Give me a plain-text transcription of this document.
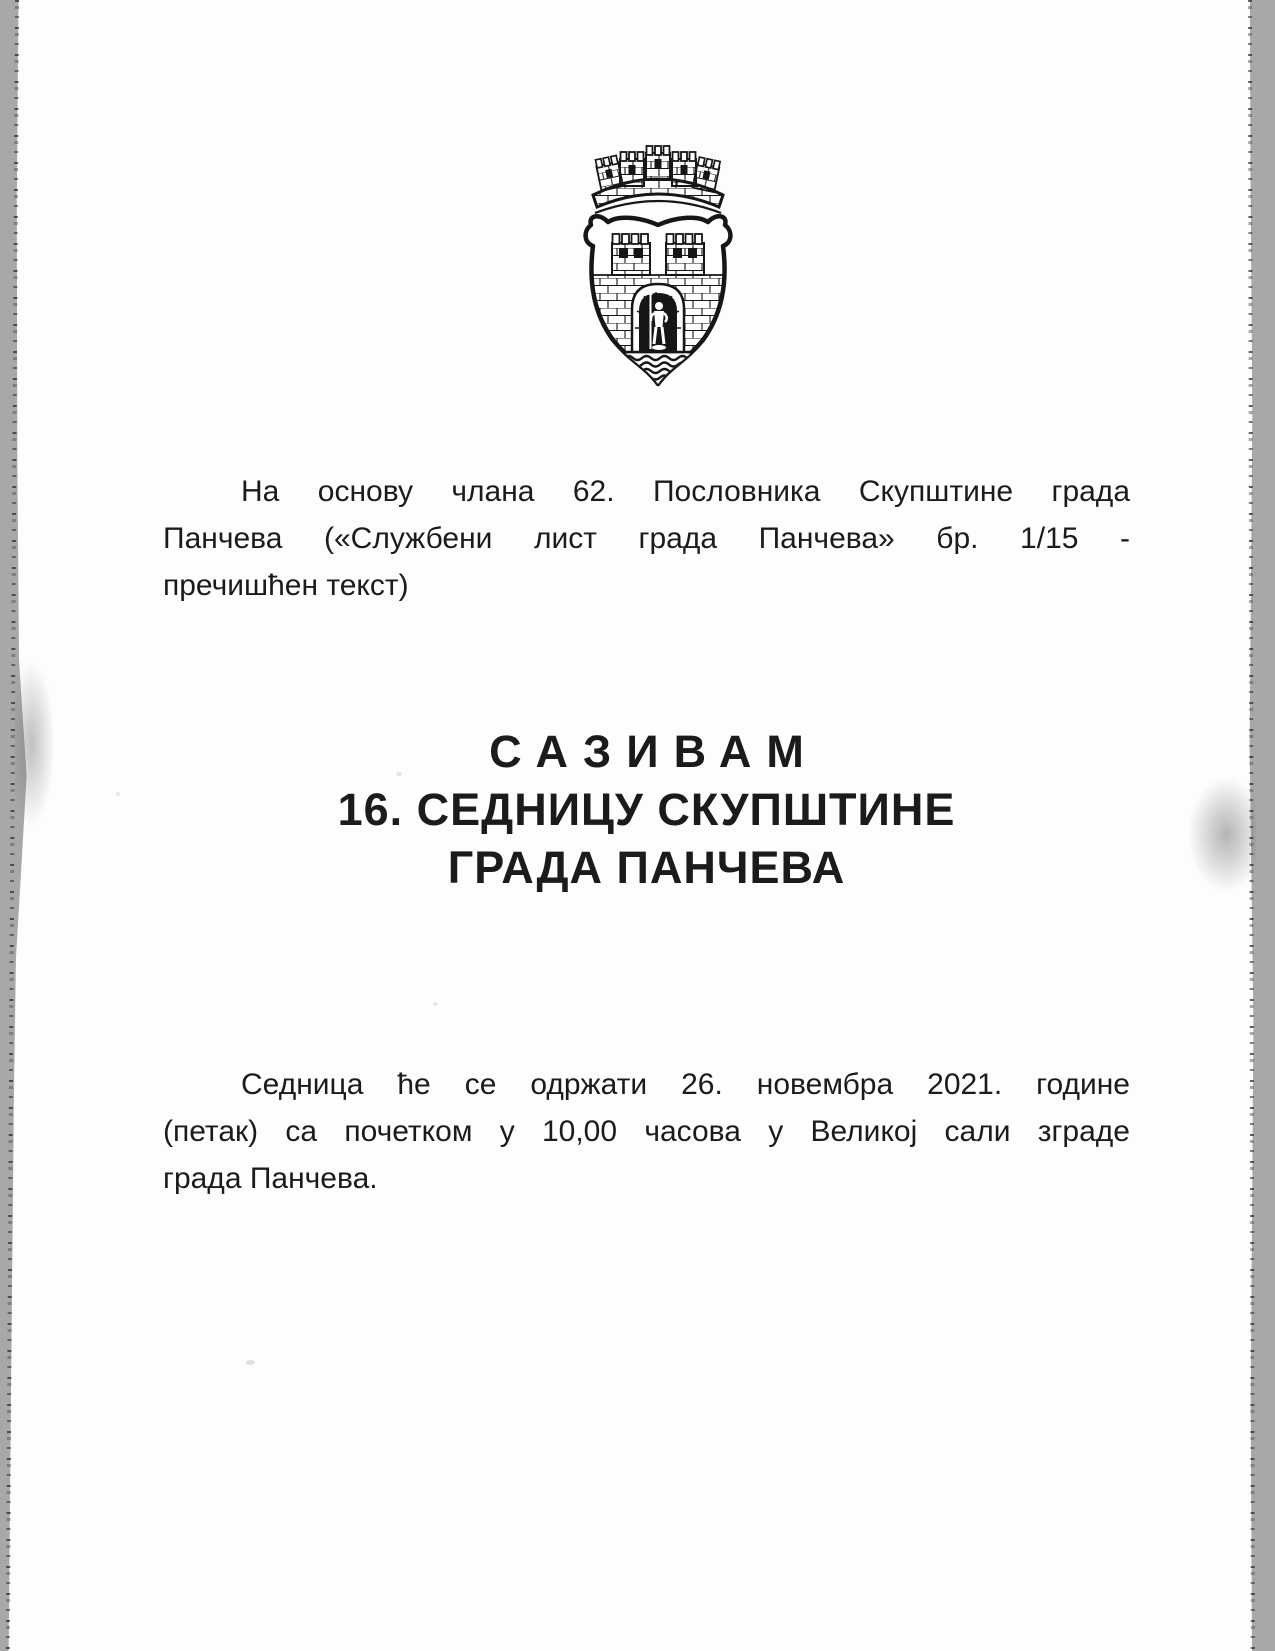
На основу члана 62. Пословника Скупштине града
Панчева («Службени лист града Панчева» бр. 1/15 -
пречишћен текст)
САЗИВАМ
16. СЕДНИЦУ СКУПШТИНЕ
ГРАДА ПАНЧЕВА
Седница ће се одржати 26. новембра 2021. године
(петак) са почетком у 10,00 часова у Великој сали зграде
града Панчева.
